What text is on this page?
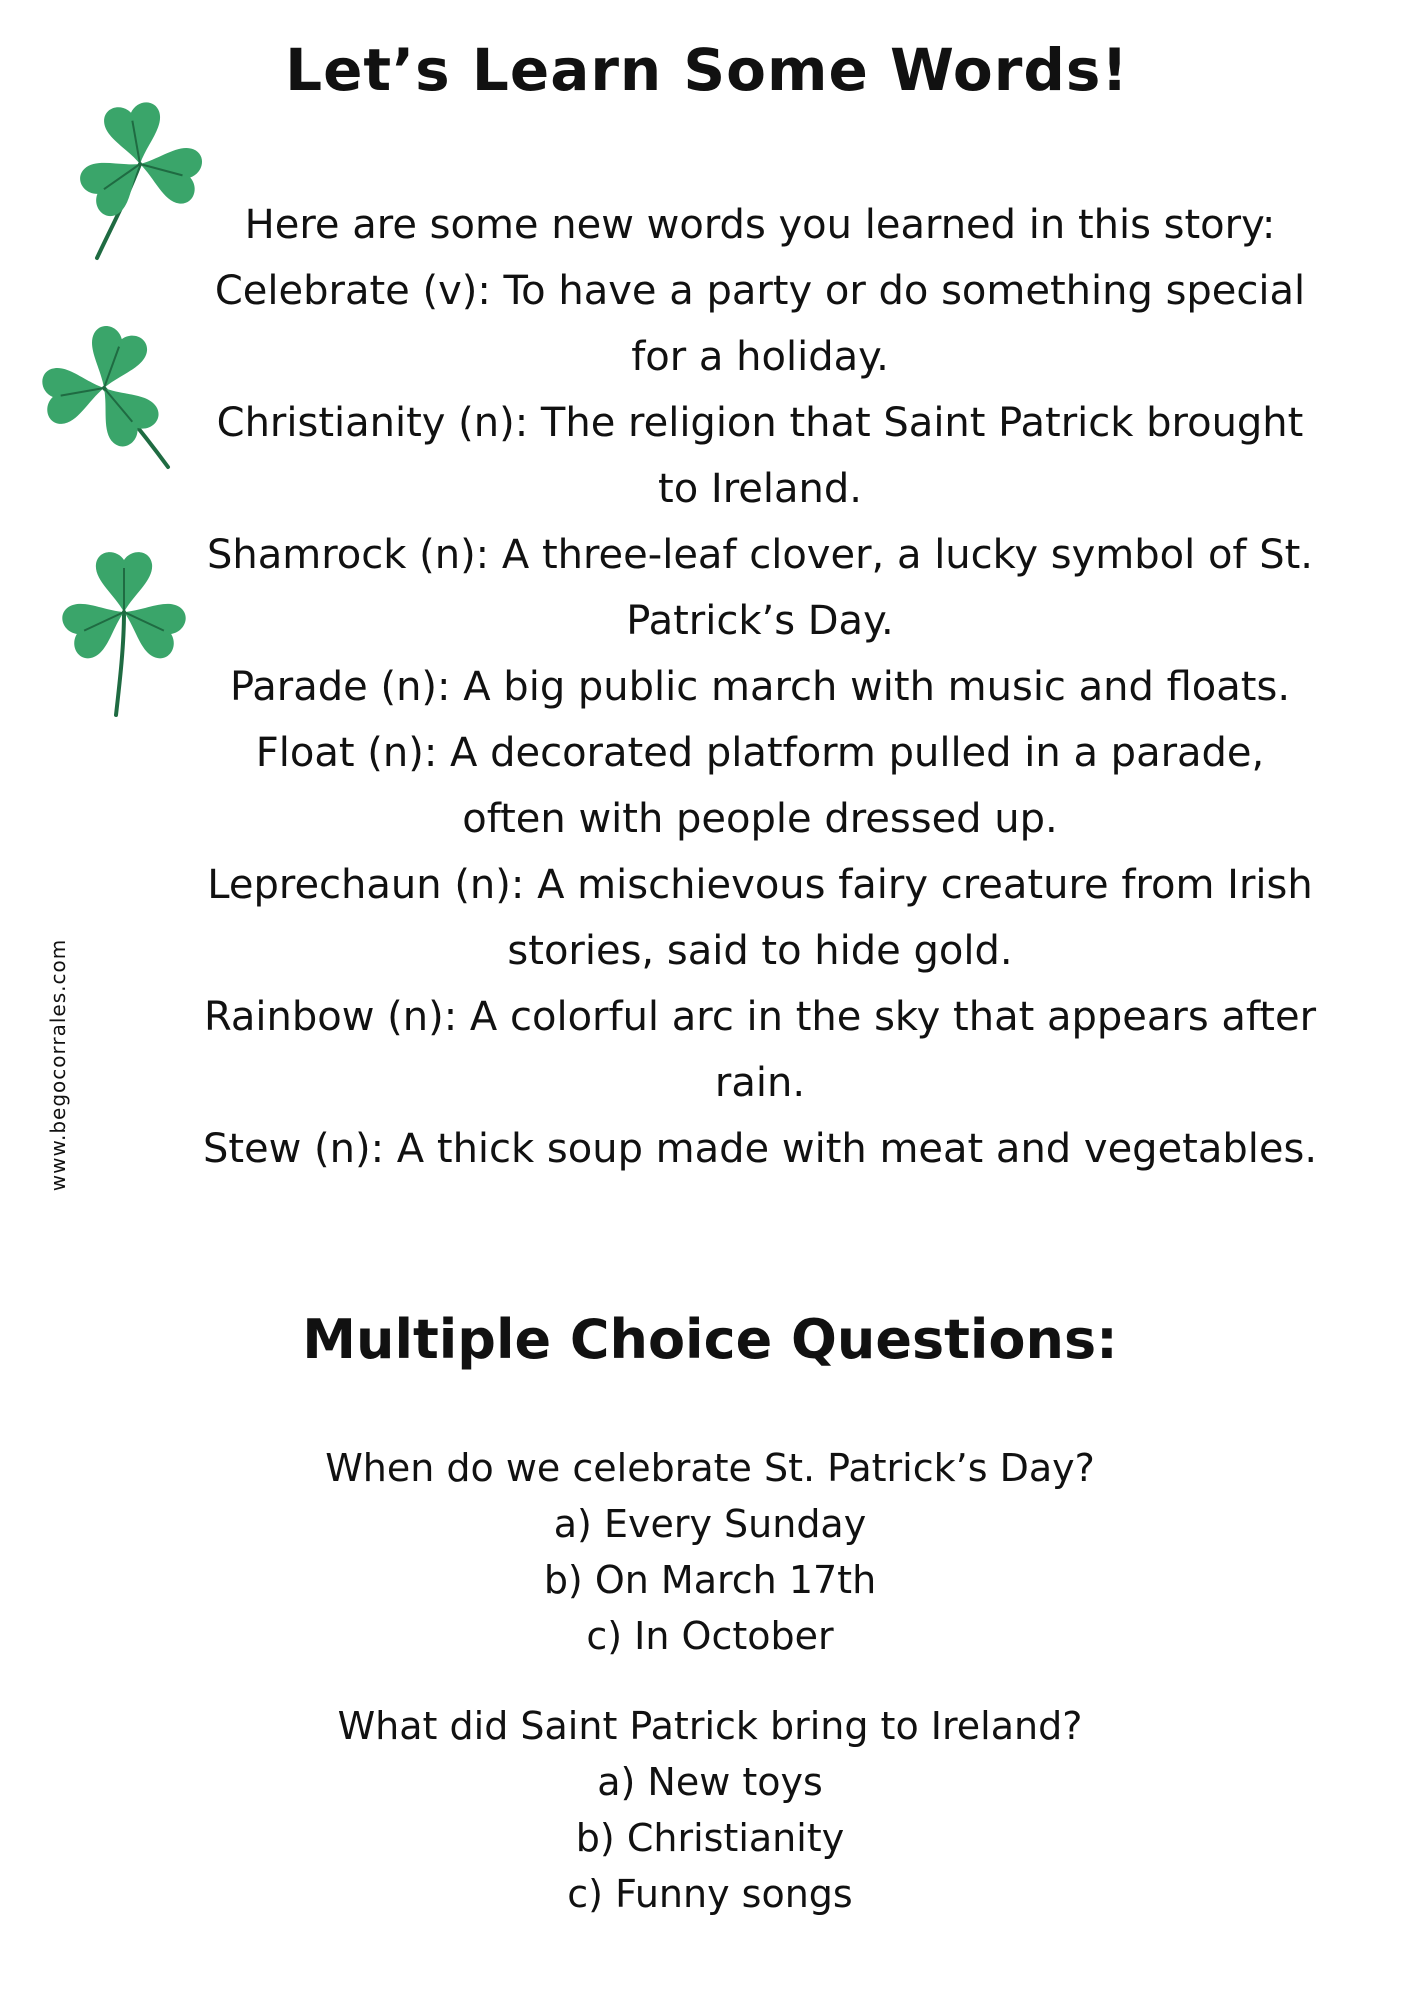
Let’s Learn Some Words!

Here are some new words you learned in this story:

Celebrate (v): To have a party or do something special for a holiday.
Christianity (n): The religion that Saint Patrick brought to Ireland.
Shamrock (n): A three-leaf clover, a lucky symbol of St. Patrick’s Day.
Parade (n): A big public march with music and floats.
Float (n): A decorated platform pulled in a parade, often with people dressed up.
Leprechaun (n): A mischievous fairy creature from Irish stories, said to hide gold.
Rainbow (n): A colorful arc in the sky that appears after rain.
Stew (n): A thick soup made with meat and vegetables.
Multiple Choice Questions:

When do we celebrate St. Patrick’s Day?

a) Every Sunday
b) On March 17th
c) In October

What did Saint Patrick bring to Ireland?

a) New toys
b) Christianity
c) Funny songs
www.begocorrales.com
